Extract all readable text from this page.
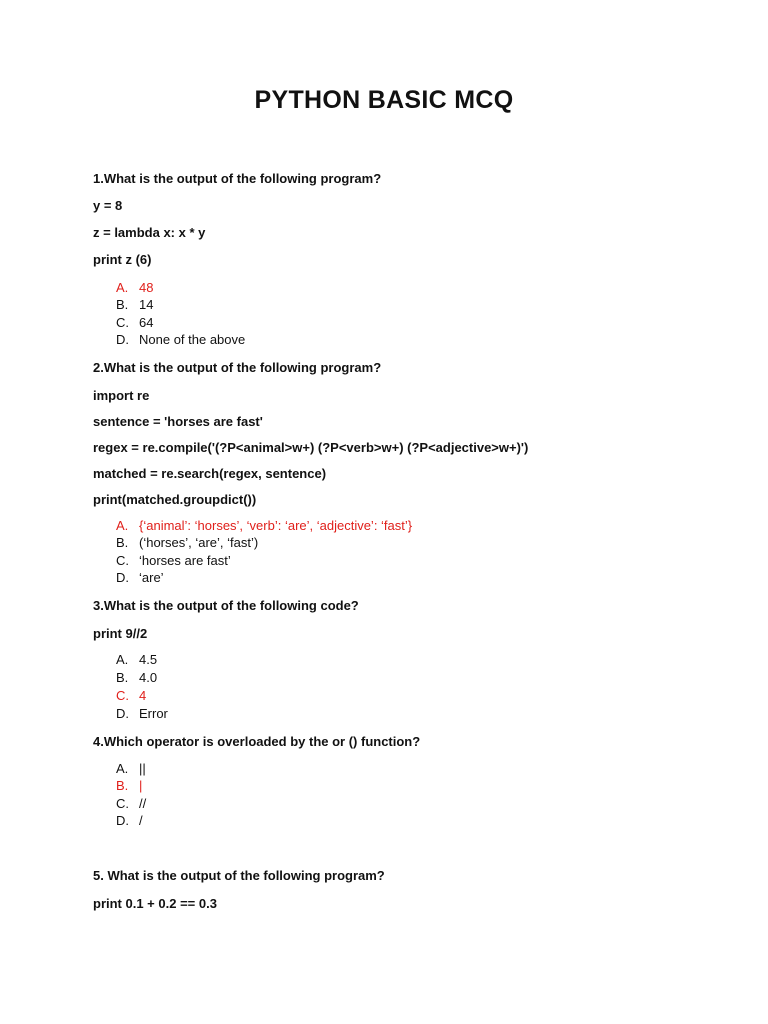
PYTHON BASIC MCQ
1.What is the output of the following program?
y = 8
z = lambda x: x * y
print z (6)
A. 48
B. 14
C. 64
D. None of the above
2.What is the output of the following program?
import re
sentence = 'horses are fast'
regex = re.compile('(?P<animal>w+) (?P<verb>w+) (?P<adjective>w+)')
matched = re.search(regex, sentence)
print(matched.groupdict())
A. {‘animal’: ‘horses’, ‘verb’: ‘are’, ‘adjective’: ‘fast’}
B. (‘horses’, ‘are’, ‘fast’)
C. ‘horses are fast’
D. ‘are’
3.What is the output of the following code?
print 9//2
A. 4.5
B. 4.0
C. 4
D. Error
4.Which operator is overloaded by the or () function?
A. ||
B. |
C. //
D. /
5. What is the output of the following program?
print 0.1 + 0.2 == 0.3
